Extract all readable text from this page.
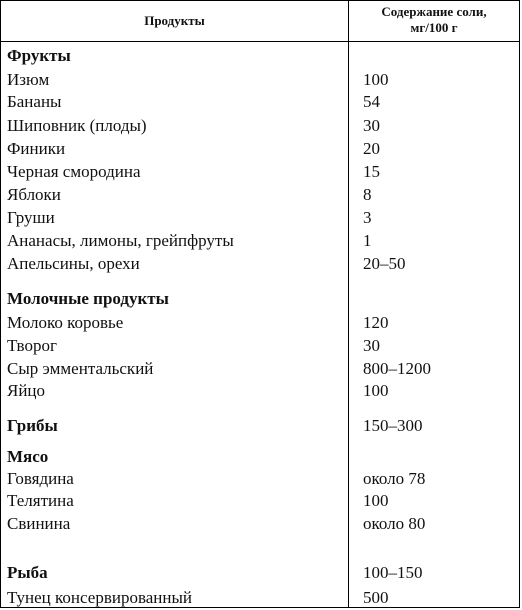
Продукты
Содержание соли,
мг/100 г
Фрукты
Изюм	100
Бананы	54
Шиповник (плоды)	30
Финики	20
Черная смородина	15
Яблоки	8
Груши	3
Ананасы, лимоны, грейпфруты	1
Апельсины, орехи	20–50
Молочные продукты
Молоко коровье	120
Творог	30
Сыр эмментальский	800–1200
Яйцо	100
Грибы	150–300
Мясо
Говядина	около 78
Телятина	100
Свинина	около 80
Рыба	100–150
Тунец консервированный	500
